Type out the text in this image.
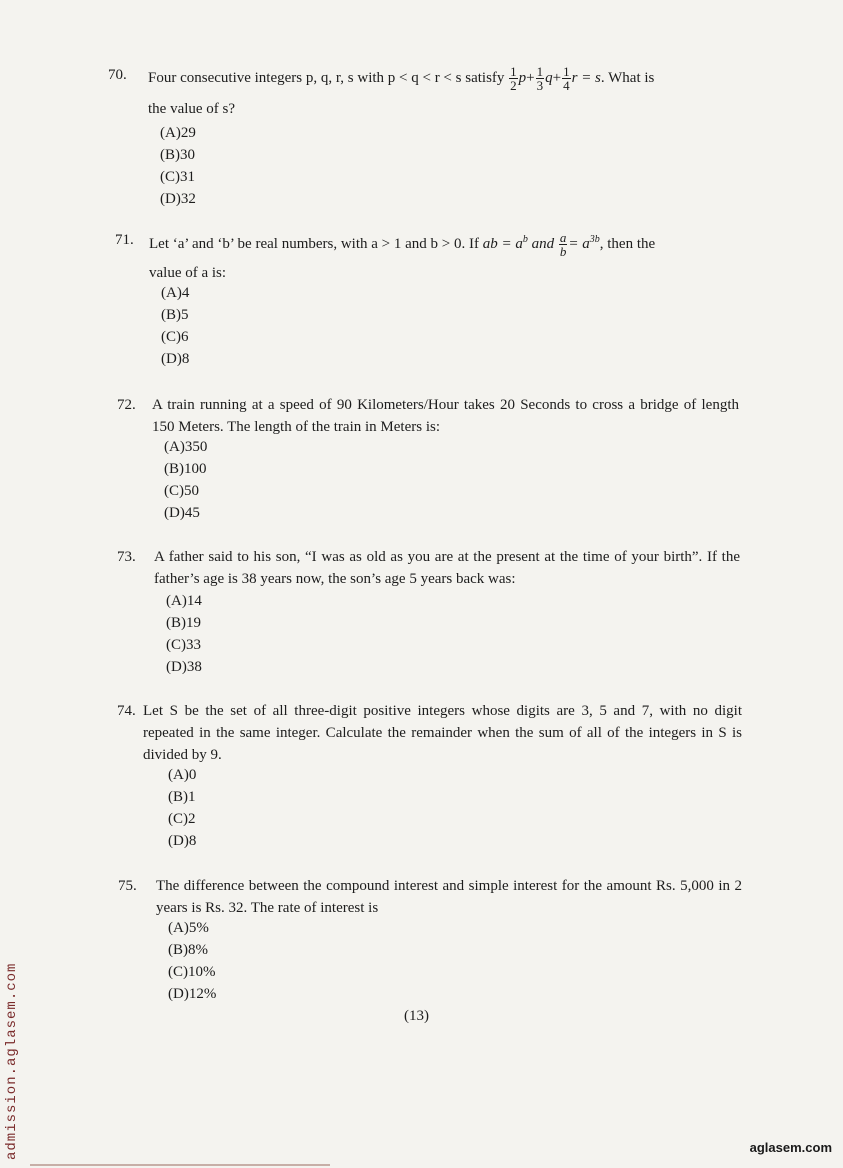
70. Four consecutive integers p, q, r, s with p < q < r < s satisfy $\frac{1}{2} p+ \frac{1}{3} q+ \frac{1}{4}$ r = s. What is
the value of s?
(A)29
(B)30
(C)31
(D)32
71. Let ‘a’ and ‘b’ be real numbers, with a > 1 and b > 0. If ab = $a^b$ and $\frac{a}{b} = a^{3b}$, then the
value of a is:
(A)4
(B)5
(C)6
(D)8
72. A train running at a speed of 90 Kilometers/Hour takes 20 Seconds to cross a bridge of length 150 Meters. The length of the train in Meters is:
(A)350
(B)100
(C)50
(D)45
73. A father said to his son, “I was as old as you are at the present at the time of your birth”. If the father’s age is 38 years now, the son’s age 5 years back was:
(A)14
(B)19
(C)33
(D)38
74. Let S be the set of all three-digit positive integers whose digits are 3, 5 and 7, with no digit repeated in the same integer. Calculate the remainder when the sum of all of the integers in S is divided by 9.
(A)0
(B)1
(C)2
(D)8
75. The difference between the compound interest and simple interest for the amount Rs. 5,000 in 2 years is Rs. 32. The rate of interest is
(A)5%
(B)8%
(C)10%
(D)12%
(13)
admission.aglasem.com	aglasem.com
